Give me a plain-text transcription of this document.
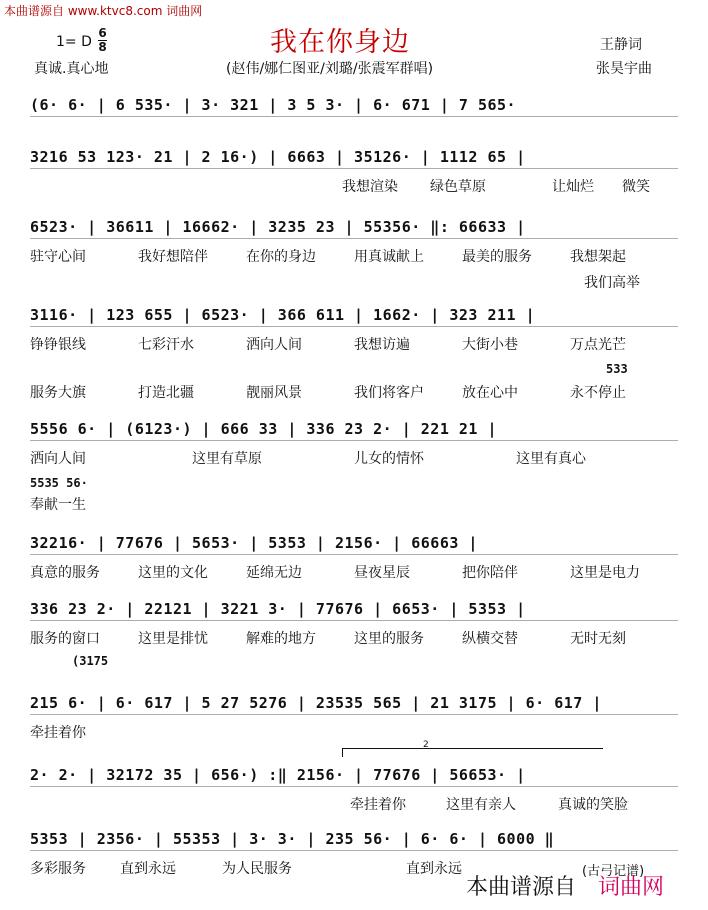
本曲谱源自 www.ktvc8.com 词曲网
我在你身边
1= D
6
8	王静词
真诚.真心地	(赵伟/娜仁图亚/刘璐/张震军群唱)	张昊宇曲
(6· 6· | 6 535· | 3· 321 | 3 5 3· | 6· 671 | 7 565·
3216 53 123· 21 | 2 16·) | 6663 | 35126· | 1112 65 |
我想渲染 绿色草原	让灿烂 微笑
6523· | 36611 | 16662· | 3235 23 | 55356· ‖: 66633 |
驻守心间	我好想陪伴	在你的身边	用真诚献上	最美的服务	我想架起
我们高举
3116· | 123 655 | 6523· | 366 611 | 1662· | 323 211 |
533
铮铮银线	七彩汗水	洒向人间	我想访遍	大街小巷	万点光芒
服务大旗	打造北疆	靓丽风景	我们将客户	放在心中	永不停止
5556 6· | (6123·) | 666 33 | 336 23 2· | 221 21 |
5535 56·
洒向人间	这里有草原	儿女的情怀	这里有真心
奉献一生
32216· | 77676 | 5653· | 5353 | 2156· | 66663 |
真意的服务	这里的文化	延绵无边	昼夜星辰	把你陪伴	这里是电力
336 23 2· | 22121 | 3221 3· | 77676 | 6653· | 5353 |
(3175
服务的窗口	这里是排忧	解难的地方	这里的服务	纵横交替	无时无刻
215 6· | 6· 617 | 5 27 5276 | 23535 565 | 21 3175 | 6· 617 |
牵挂着你
2· 2· | 32172 35 | 656·) :‖ 2156· | 77676 | 56653· |
2
牵挂着你	这里有亲人	真诚的笑脸
5353 | 2356· | 55353 | 3· 3· | 235 56· | 6· 6· | 6000 ‖
多彩服务 直到永远	为人民服务	直到永远	(古弓记谱)
本曲谱源自 词曲网
